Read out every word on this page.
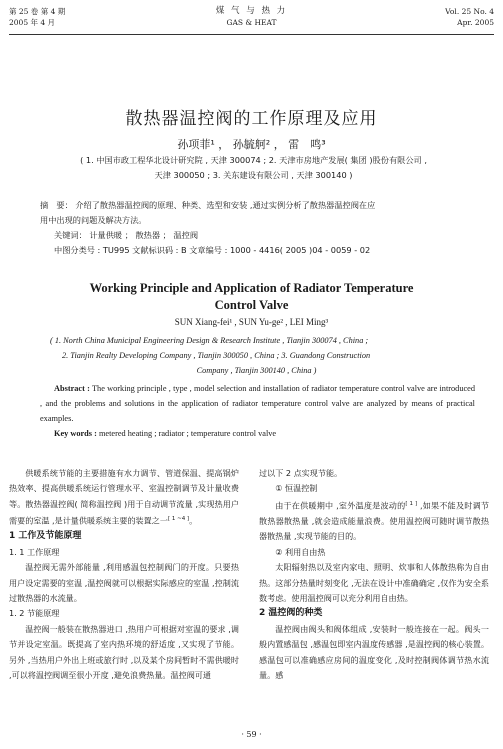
第 25 卷 第 4 期
2005 年 4 月
煤 气 与 热 力
GAS & HEAT
Vol. 25 No. 4
Apr. 2005
散热器温控阀的工作原理及应用
孙项菲¹ ， 孙毓舸² ， 雷　鸣³
( 1. 中国市政工程华北设计研究院 , 天津 300074 ; 2. 天津市房地产发展( 集团 )股份有限公司 ,
天津 300050 ; 3. 关东建设有限公司 , 天津 300140 )
摘　要： 介绍了散热器温控阀的原理、种类、选型和安装 ,通过实例分析了散热器温控阀在应
用中出现的问题及解决方法。
关键词： 计量供暖 ； 散热器 ； 温控阀
中图分类号 : TU995 文献标识码 : B 文章编号 : 1000 - 4416( 2005 )04 - 0059 - 02
Working Principle and Application of Radiator Temperature
Control Valve
SUN Xiang-fei¹ , SUN Yu-ge² , LEI Ming³
( 1. North China Municipal Engineering Design & Research Institute , Tianjin 300074 , China ;
2. Tianjin Realty Developing Company , Tianjin 300050 , China ; 3. Guandong Construction
Company , Tianjin 300140 , China )
Abstract : The working principle , type , model selection and installation of radiator temperature control valve are introduced , and the problems and solutions in the application of radiator temperature control valve are analyzed by means of practical examples.
Key words : metered heating ; radiator ; temperature control valve

供暖系统节能的主要措施有水力调节、管道保温、提高锅炉热效率、提高供暖系统运行管理水平、室温控制调节及计量收费等。散热器温控阀( 简称温控阀 )用于自动调节流量 ,实现热用户需要的室温 ,是计量供暖系统主要的装置之一[ 1 ~4 ]。

1 工作及节能原理

1. 1 工作原理

温控阀无需外部能量 ,利用感温包控制阀门的开度。只要热用户设定需要的室温 ,温控阀就可以根据实际感应的室温 ,控制流过散热器的水流量。

1. 2 节能原理

温控阀一般装在散热器进口 ,热用户可根据对室温的要求 ,调节并设定室温。既提高了室内热环境的舒适度 ,又实现了节能。另外 ,当热用户外出上班或旅行时 ,以及某个房间暂时不需供暖时 ,可以将温控阀调至很小开度 ,避免浪费热量。温控阀可通

过以下 2 点实现节能。

① 恒温控制

由于在供暖期中 ,室外温度是波动的[ 1 ] ,如果不能及时调节散热器散热量 ,就会造成能量浪费。使用温控阀可随时调节散热器散热量 ,实现节能的目的。

② 利用自由热

太阳辐射热以及室内家电、照明、炊事和人体散热称为自由热。这部分热量时刻变化 ,无法在设计中准确确定 ,仅作为安全系数考虑。使用温控阀可以充分利用自由热。

2 温控阀的种类

温控阀由阀头和阀体组成 ,安装时一般连接在一起。阀头一般内置感温包 ,感温包即室内温度传感器 ,是温控阀的核心装置。感温包可以准确感应房间的温度变化 ,及时控制阀体调节热水流量。感

· 59 ·
